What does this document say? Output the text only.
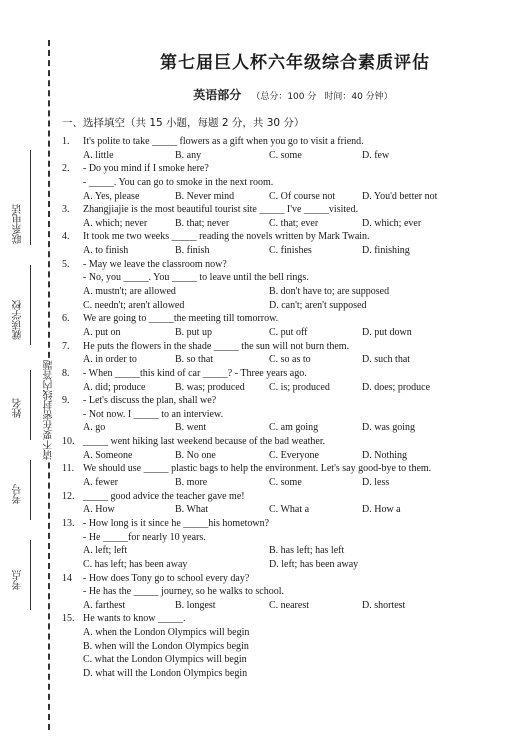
联系电话
就读学校
姓名
考号
考点
请不要在密封线内答题
第七届巨人杯六年级综合素质评估
英语部分 （总分：100 分 时间：40 分钟）
一、选择填空（共 15 小题，每题 2 分，共 30 分）
1.	It's polite to take _____ flowers as a gift when you go to visit a friend.
A. little	B. any	C. some	D. few
2.	- Do you mind if I smoke here?
- _____. You can go to smoke in the next room.
A. Yes, please	B. Never mind	C. Of course not	D. You'd better not
3.	Zhangjiajie is the most beautiful tourist site _____ I've _____visited.
A. which; never	B. that; never	C. that; ever	D. which; ever
4.	It took me two weeks _____ reading the novels written by Mark Twain.
A. to finish	B. finish	C. finishes	D. finishing
5.	- May we leave the classroom now?
- No, you _____. You _____ to leave until the bell rings.
A. mustn't; are allowed	B. don't have to; are supposed
C. needn't; aren't allowed	D. can't; aren't supposed
6.	We are going to _____the meeting till tomorrow.
A. put on	B. put up	C. put off	D. put down
7.	He puts the flowers in the shade _____ the sun will not burn them.
A. in order to	B. so that	C. so as to	D. such that
8.	- When _____this kind of car _____? - Three years ago.
A. did; produce	B. was; produced C. is; produced	D. does; produce
9.	- Let's discuss the plan, shall we?
- Not now. I _____ to an interview.
A. go	B. went	C. am going	D. was going
10. _____ went hiking last weekend because of the bad weather.
A. Someone	B. No one	C. Everyone	D. Nothing
11. We should use _____ plastic bags to help the environment. Let's say good-bye to them.
A. fewer	B. more	C. some	D. less
12. _____ good advice the teacher gave me!
A. How	B. What	C. What a	D. How a
13. - How long is it since he _____his hometown?
- He _____for nearly 10 years.
A. left; left	B. has left; has left
C. has left; has been away	D. left; has been away
14	- How does Tony go to school every day?
- He has the _____ journey, so he walks to school.
A. farthest	B. longest	C. nearest	D. shortest
15. He wants to know _____.
A. when the London Olympics will begin
B. when will the London Olympics begin
C. what the London Olympics will begin
D. what will the London Olympics begin
